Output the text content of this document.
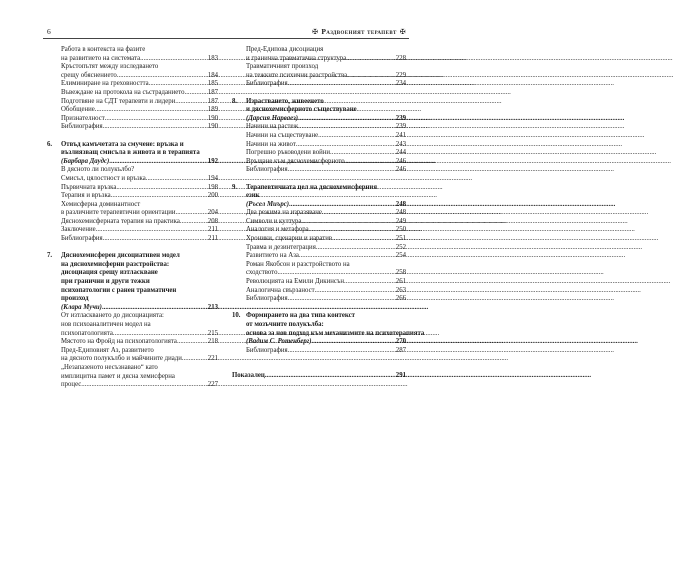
6	✠ Раздвоеният терапевт ✠
Работа в контекста на фазите
на развитието на системата .....	183
Кръстопътят между изследването
срещу обяснението .....	184
Елиминиране на греховността .....	185
Въвеждане на протокола на състраданието .....	187
Подготвяне на СДТ терапевти и лидери .....	187
Обобщение .....	189
Признателност .....	190
Библиография .....	190
6. Отвъд камъчетата за смучене: връзка и
възлиязващ смисъла в живота и в терапията
(Барбара Даудс) .....	192
В дясното ли полукълбо?
Смисъл, цялостност и връзка .....	194
Първичната връзка .....	198
Терапия и връзка .....	200
Хемисферна доминантност
в различните терапевтични ориентации .....	204
Дяснохемисферната терапия на практика .....	208
Заключение .....	211
Библиография .....	211
7. Дяснохемисферен дисоциативен модел
на дяснохемисферни разстройства:
дисоциация срещу изтласкване
при гранични и други тежки
психопатологии с ранен травматичен
произход
(Клара Мучи) .....	213
От изтласкването до дисоциацията:
нов психоаналитичен модел на
психопатологията .....	215
Мястото на Фройд на психопатологията .....	218
Пред-Едиповият Аз, развитието
на дясното полукълбо и майчините диади .....	221
„Незапазеното несъзнавано“ като
имплицитна памет и дясна хемисферна
процес .....	227
Пред-Едипова дисоциация
и гранична травматична структура .....	228
Травматичният произход
на тежките психични разстройства .....	229
Библиография .....	234
8. Израстването, живеенето
и дяснохемисферното съществуване
(Дарсия Нарваез) .....	239
Начини на растеж .....	239
Начини на съществуване .....	241
Начини на живот .....	243
Погрешно ръководени войни .....	244
Връщане към дяснохемисферното .....	246
Библиография .....	246
9. Терапевтичната цел на дяснохемисферния
език
(Ръсел Миърс) .....	248
Два режима на изразяване .....	248
Символи и култура .....	249
Аналогия и метафора .....	250
Хроники, сценарии и наратив .....	251
Травма и дезинтеграция .....	252
Развитието на Аза .....	254
Роман Якобсон и разстройството на
сходството .....	258
Революцията на Емили Дикинсън .....	261
Аналогична свързаност .....	263
Библиография .....	266
10. Формирането на два типа контекст
от мозъчните полукълба:
основа за нов подход към механизмите на психотерапията
(Вадим С. Ротенберг) .....	270
Библиография .....	287
Показалец .....	291
